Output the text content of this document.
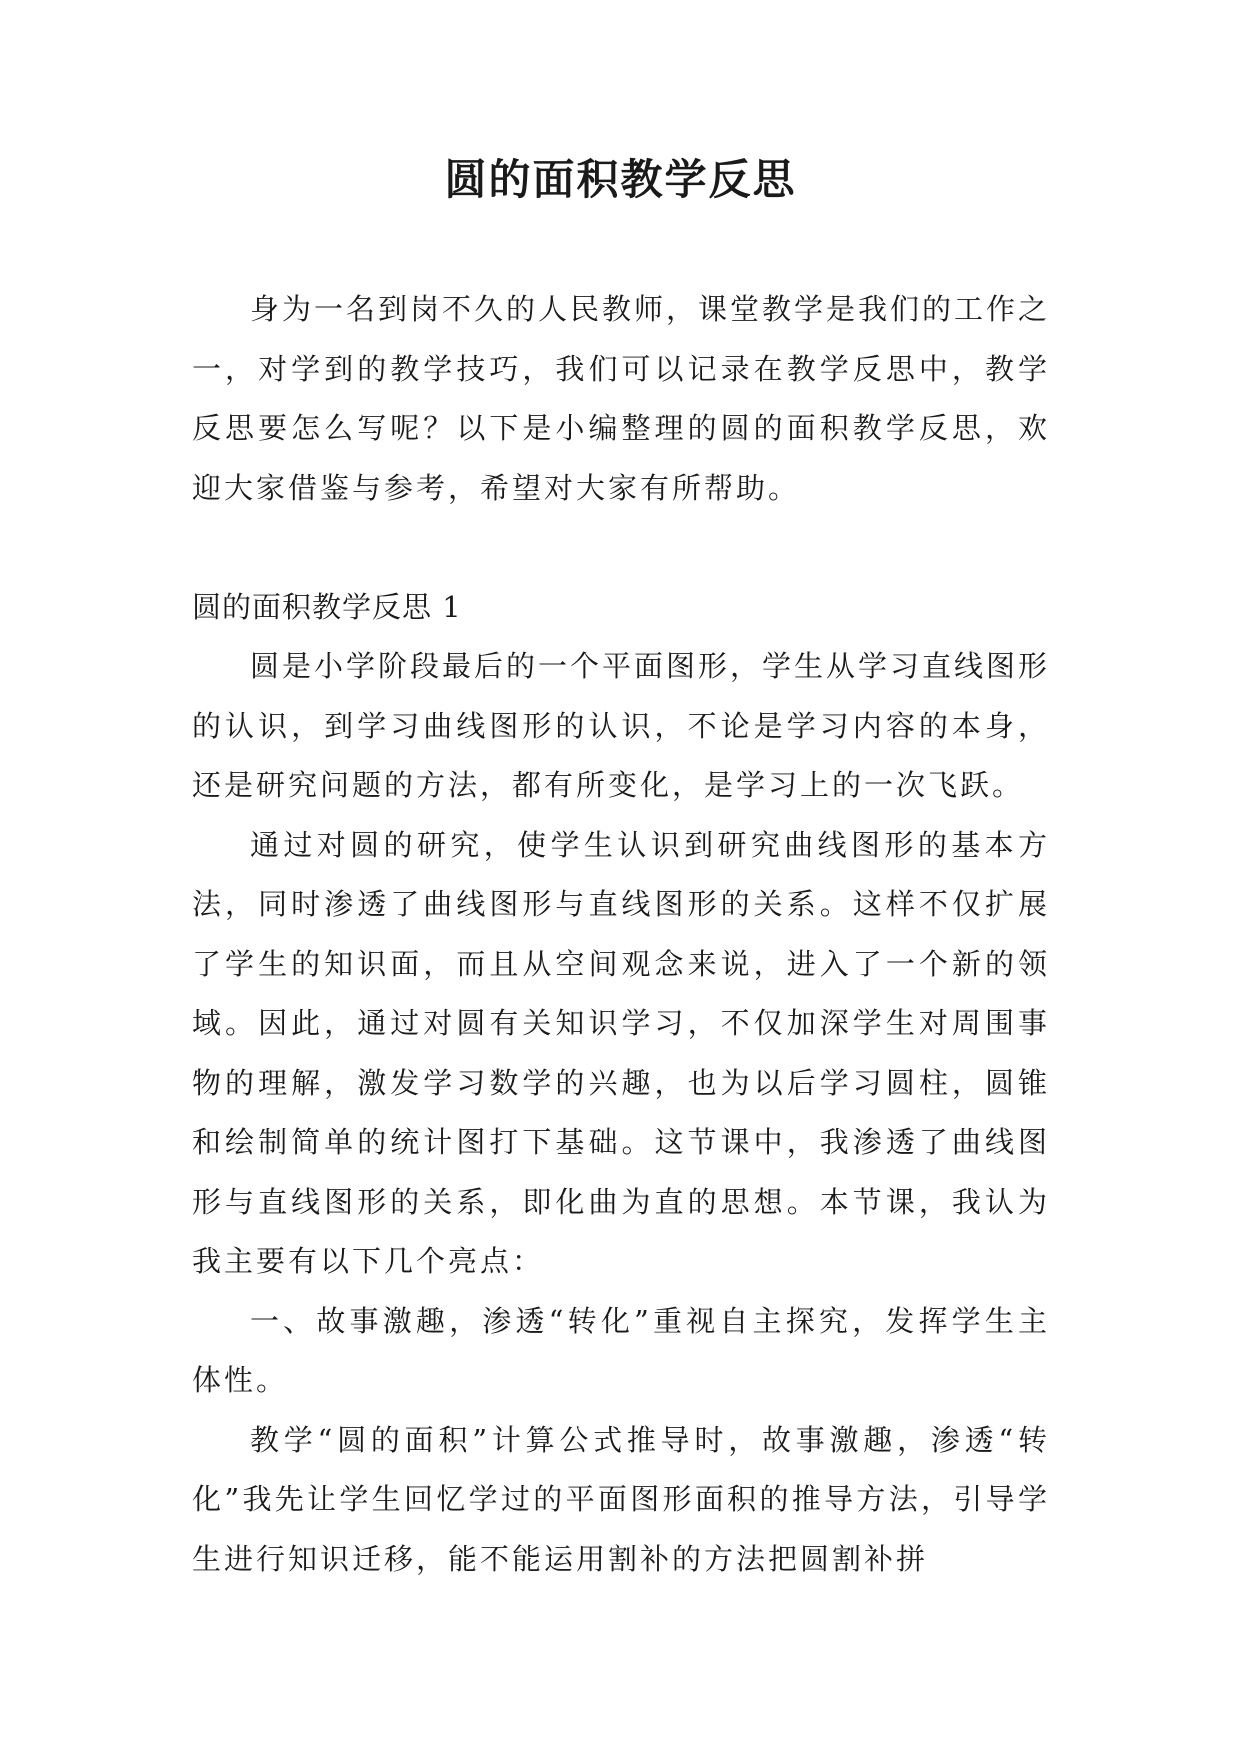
圆的面积教学反思

身为一名到岗不久的人民教师，课堂教学是我们的工作之一，对学到的教学技巧，我们可以记录在教学反思中，教学反思要怎么写呢？以下是小编整理的圆的面积教学反思，欢迎大家借鉴与参考，希望对大家有所帮助。

圆的面积教学反思 1

圆是小学阶段最后的一个平面图形，学生从学习直线图形的认识，到学习曲线图形的认识，不论是学习内容的本身，还是研究问题的方法，都有所变化，是学习上的一次飞跃。

通过对圆的研究，使学生认识到研究曲线图形的基本方法，同时渗透了曲线图形与直线图形的关系。这样不仅扩展了学生的知识面，而且从空间观念来说，进入了一个新的领域。因此，通过对圆有关知识学习，不仅加深学生对周围事物的理解，激发学习数学的兴趣，也为以后学习圆柱，圆锥和绘制简单的统计图打下基础。这节课中，我渗透了曲线图形与直线图形的关系，即化曲为直的思想。本节课，我认为我主要有以下几个亮点：

一、故事激趣，渗透“转化”重视自主探究，发挥学生主体性。

教学“圆的面积”计算公式推导时，故事激趣，渗透“转化”我先让学生回忆学过的平面图形面积的推导方法，引导学生进行知识迁移，能不能运用割补的方法把圆割补拼
